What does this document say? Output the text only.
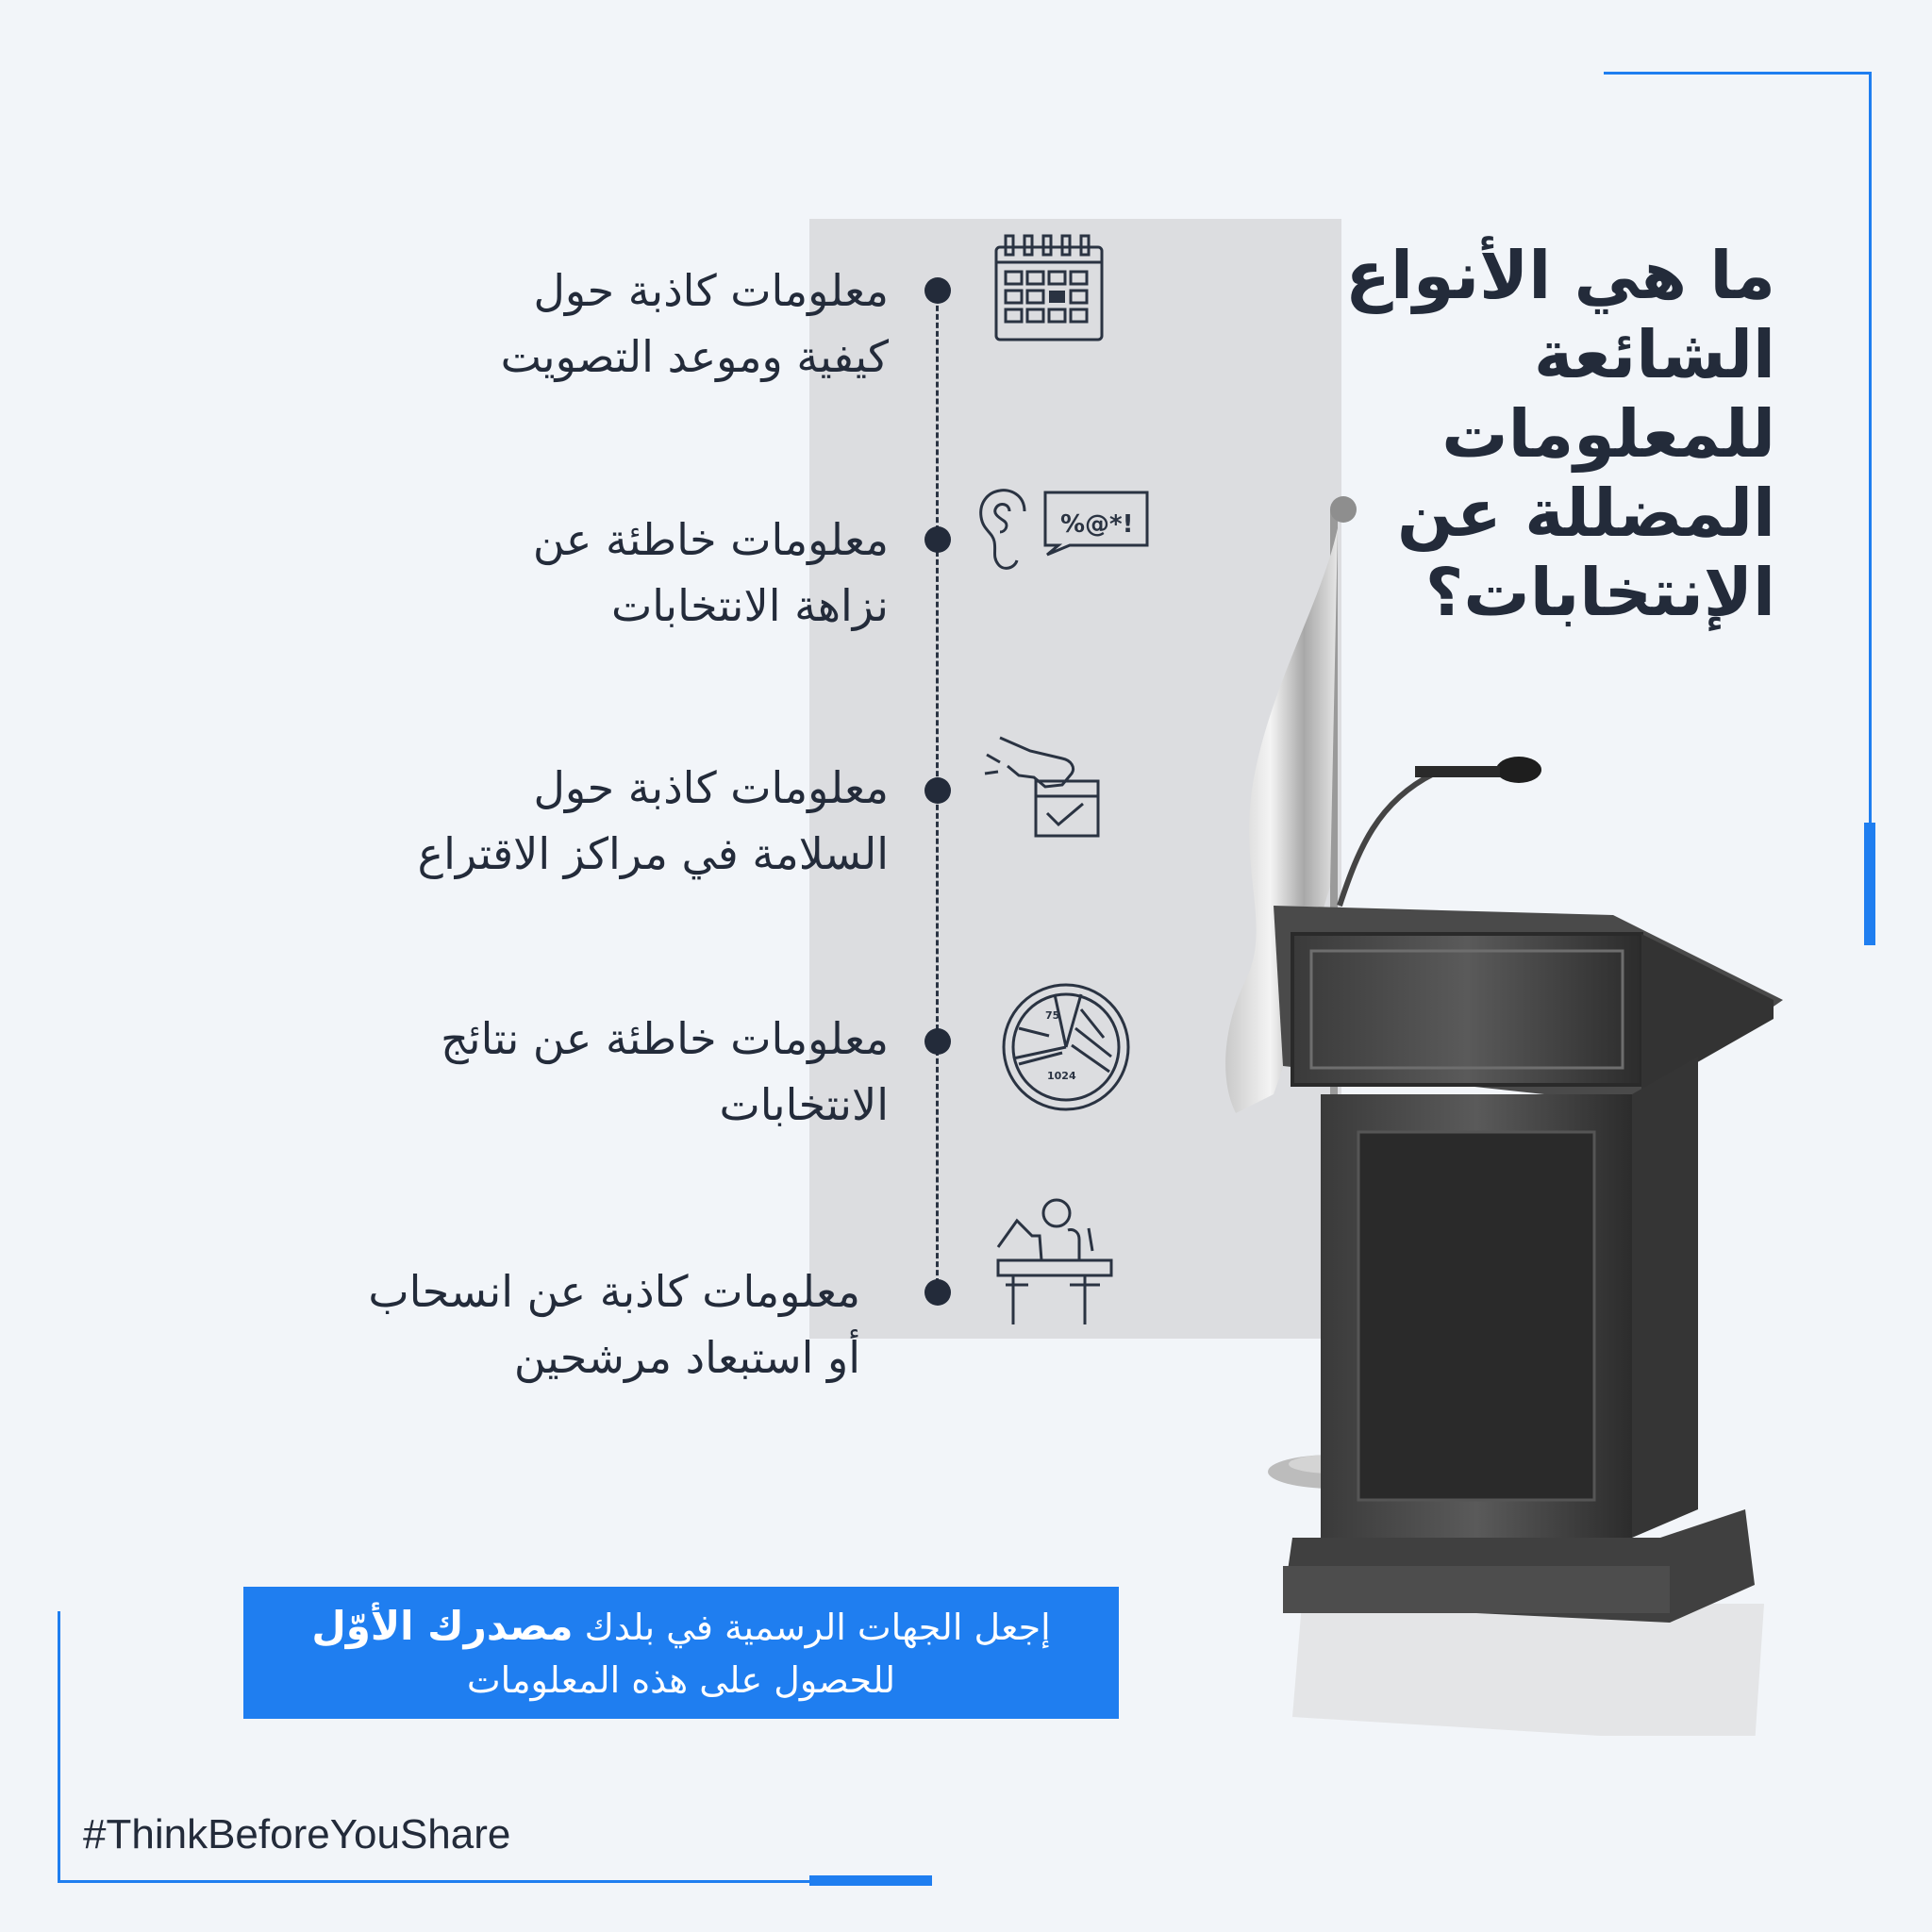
ما هي الأنواع الشائعة للمعلومات المضللة عن الإنتخابات؟
معلومات كاذبة حول
كيفية وموعد التصويت
معلومات خاطئة عن
نزاهة الانتخابات
%@*!
معلومات كاذبة حول
السلامة في مراكز الاقتراع
معلومات خاطئة عن نتائج
الانتخابات
75
1024
معلومات كاذبة عن انسحاب
أو استبعاد مرشحين
إجعل الجهات الرسمية في بلدك مصدرك الأوّل
للحصول على هذه المعلومات
#ThinkBeforeYouShare
